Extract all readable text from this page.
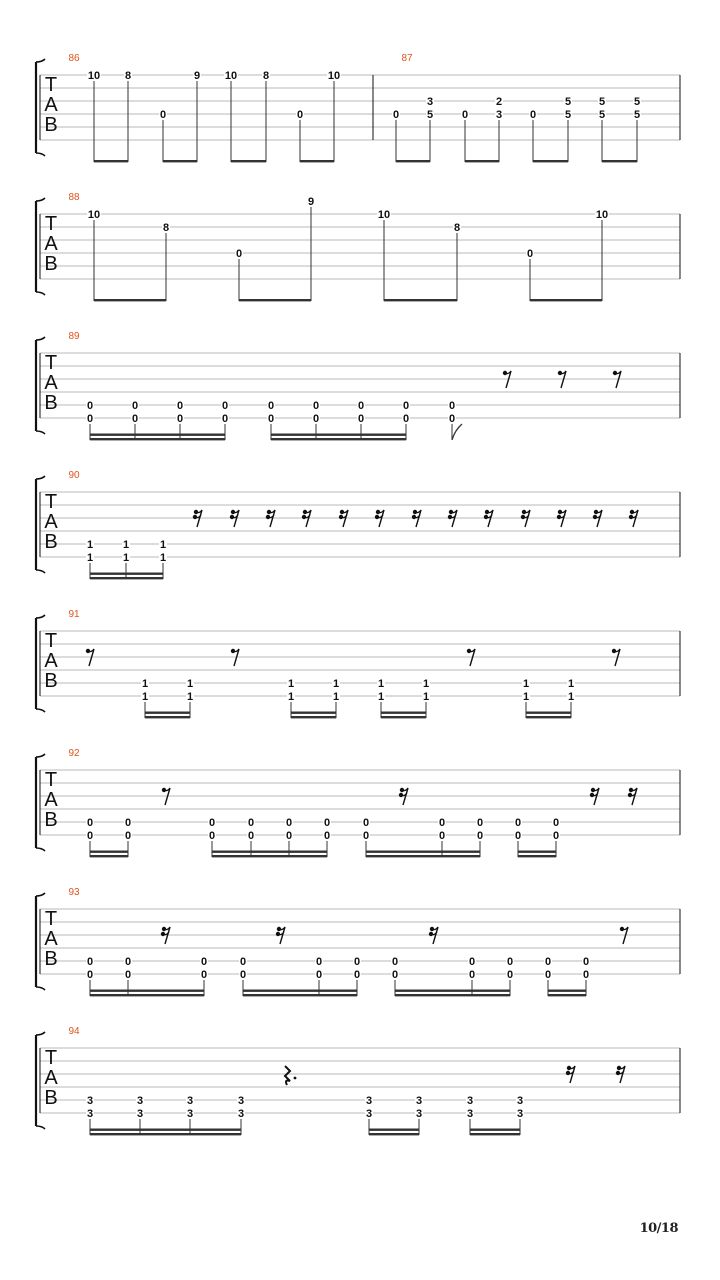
T
A
B
86
10 8
0
9 10 8
0
10
87
0
3
5	0
2
3	0
5
5
5
5
5
5
T
A
B
88
10
8
0
9
10
8
0
10
T
A
B
89
0
0
0
0
0
0
0
0
0
0
0
0
0
0
0
0
0
0
T
A
B
90
1
1
1
1
1
1
T
A
B
91
1
1
1
1
1
1
1
1
1
1
1
1
1
1
1
1
T
A
B
92
0
0
0
0
0
0
0
0
0
0
0
0
0
0
0
0
0
0
0
0
0
0
T
A
B
93
0
0
0
0
0
0
0
0
0
0
0
0
0
0
0
0
0
0
0
0
0
0
T
A
B
94
3
3
3
3
3
3
3
3
3
3
3
3
3
3
3
3
10/18
